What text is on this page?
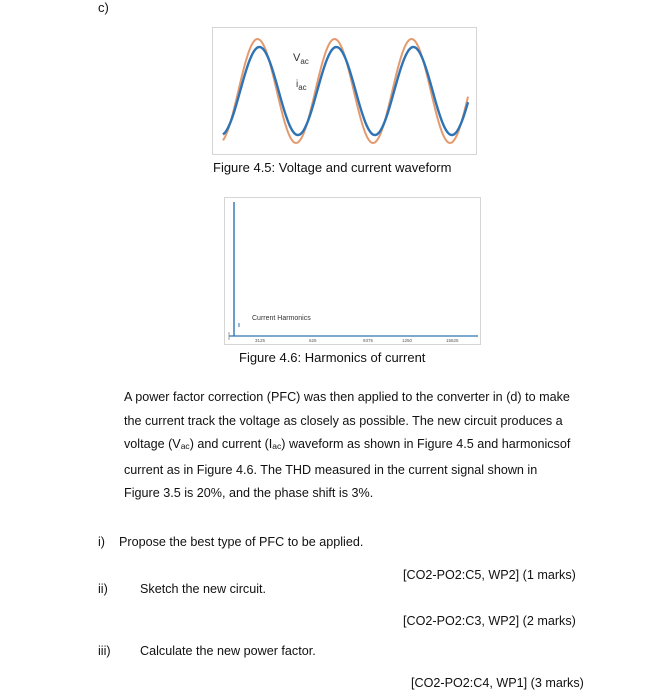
c)
$V_{ac}$
$i_{ac}$
Figure 4.5: Voltage and current waveform
Current Harmonics
3125	625	9375	1250	15625
Figure 4.6: Harmonics of current

A power factor correction (PFC) was then applied to the converter in (d) to make

the current track the voltage as closely as possible. The new circuit produces a

voltage (Vac) and current (Iac) waveform as shown in Figure 4.5 and harmonicsof

current as in Figure 4.6. The THD measured in the current signal shown in

Figure 3.5 is 20%, and the phase shift is 3%.

i) Propose the best type of PFC to be applied.
[CO2-PO2:C5, WP2] (1 marks)
ii)	Sketch the new circuit.
[CO2-PO2:C3, WP2] (2 marks)
iii) Calculate the new power factor.
[CO2-PO2:C4, WP1] (3 marks)
